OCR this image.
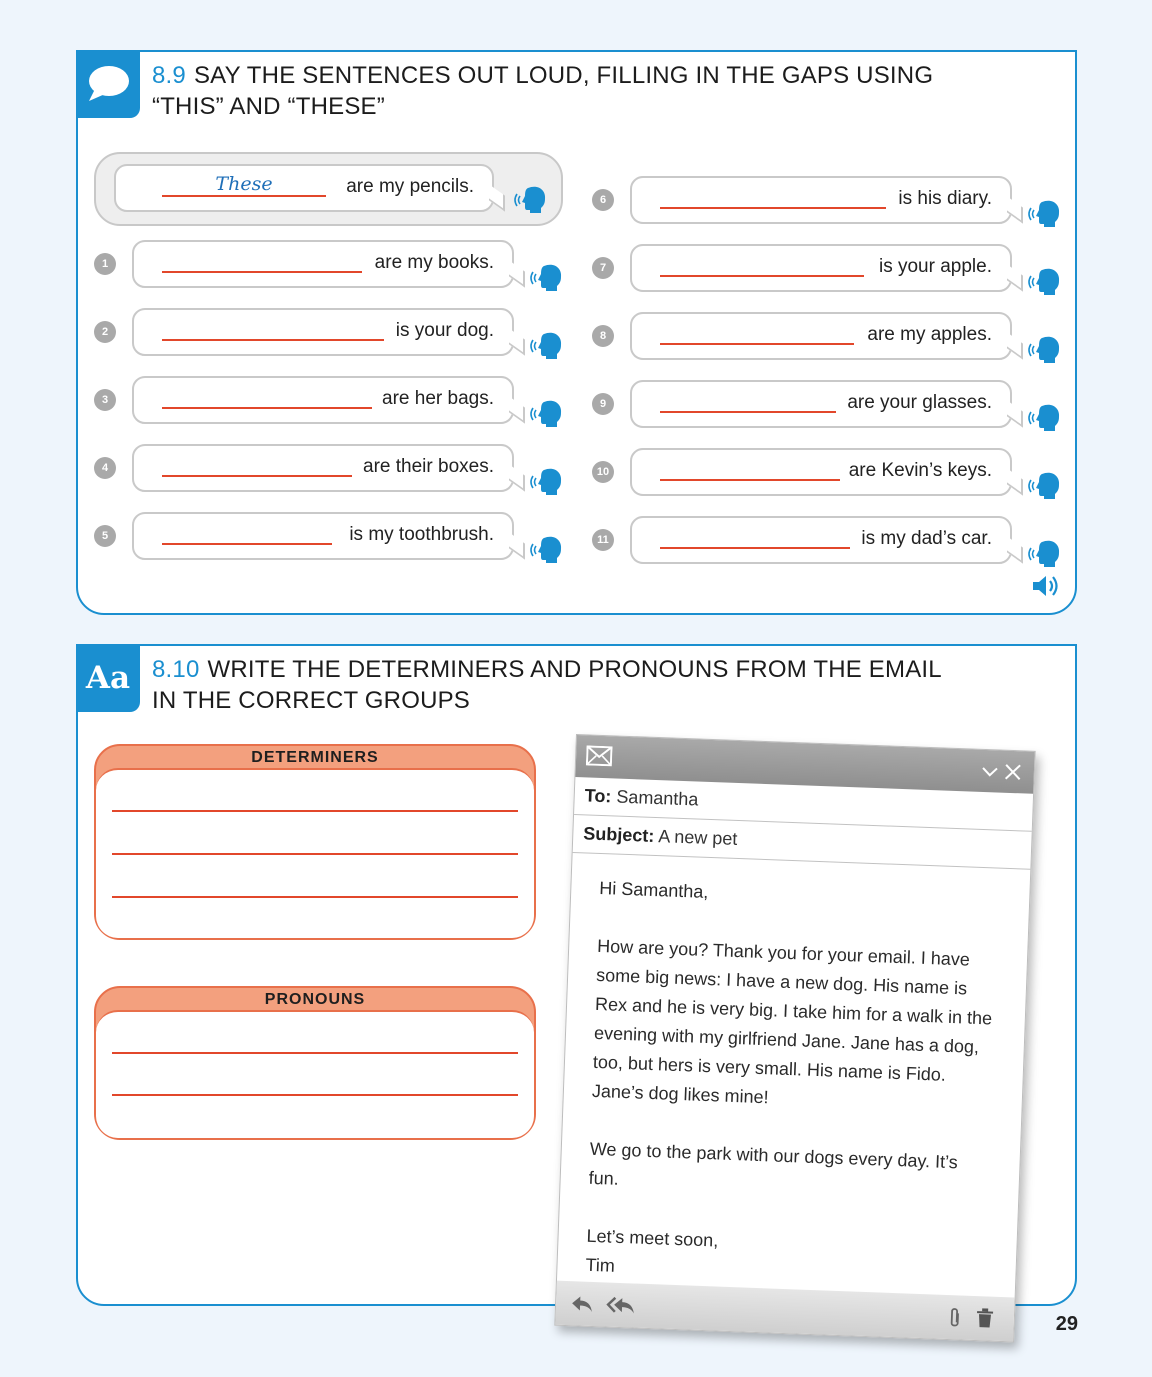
8.9 SAY THE SENTENCES OUT LOUD, FILLING IN THE GAPS USING
“THIS” AND “THESE”
These	are my pencils.
1	are my books.
2	is your dog.
3	are her bags.
4	are their boxes.
5	is my toothbrush.
6	is his diary.
7	is your apple.
8	are my apples.
9	are your glasses.
10	are Kevin’s keys.
11	is my dad’s car.
Aa 8.10 WRITE THE DETERMINERS AND PRONOUNS FROM THE EMAIL
IN THE CORRECT GROUPS
DETERMINERS
PRONOUNS
To: Samantha
Subject: A new pet

Hi Samantha,

How are you? Thank you for your email. I have some big news: I have a new dog. His name is Rex and he is very big. I take him for a walk in the evening with my girlfriend Jane. Jane has a dog, too, but hers is very small. His name is Fido. Jane’s dog likes mine!

We go to the park with our dogs every day. It’s fun.

Let’s meet soon,
Tim
29
